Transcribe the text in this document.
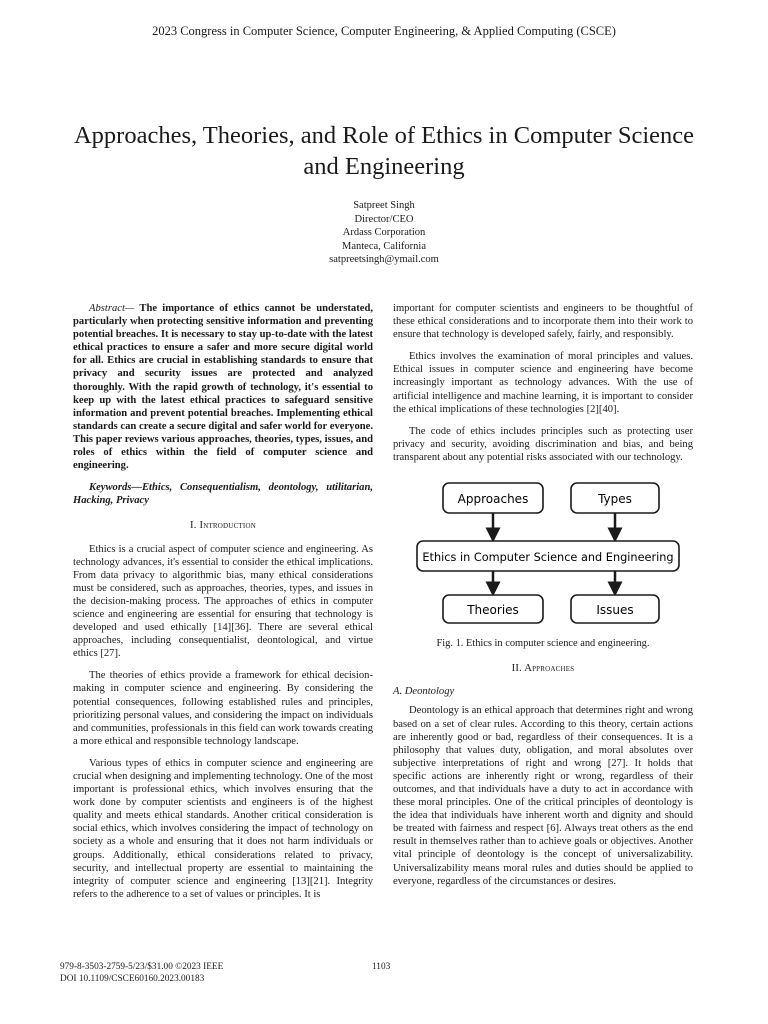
2023 Congress in Computer Science, Computer Engineering, & Applied Computing (CSCE)
Approaches, Theories, and Role of Ethics in Computer Science and Engineering
Satpreet Singh
Director/CEO
Ardass Corporation
Manteca, California
satpreetsingh@ymail.com

Abstract— The importance of ethics cannot be understated, particularly when protecting sensitive information and preventing potential breaches. It is necessary to stay up-to-date with the latest ethical practices to ensure a safer and more secure digital world for all. Ethics are crucial in establishing standards to ensure that privacy and security issues are protected and analyzed thoroughly. With the rapid growth of technology, it's essential to keep up with the latest ethical practices to safeguard sensitive information and prevent potential breaches. Implementing ethical standards can create a secure digital and safer world for everyone. This paper reviews various approaches, theories, types, issues, and roles of ethics within the field of computer science and engineering.

Keywords—Ethics, Consequentialism, deontology, utilitarian, Hacking, Privacy

I. Introduction

Ethics is a crucial aspect of computer science and engineering. As technology advances, it's essential to consider the ethical implications. From data privacy to algorithmic bias, many ethical considerations must be considered, such as approaches, theories, types, and issues in the decision-making process. The approaches of ethics in computer science and engineering are essential for ensuring that technology is developed and used ethically [14][36]. There are several ethical approaches, including consequentialist, deontological, and virtue ethics [27].

The theories of ethics provide a framework for ethical decision-making in computer science and engineering. By considering the potential consequences, following established rules and principles, prioritizing personal values, and considering the impact on individuals and communities, professionals in this field can work towards creating a more ethical and responsible technology landscape.

Various types of ethics in computer science and engineering are crucial when designing and implementing technology. One of the most important is professional ethics, which involves ensuring that the work done by computer scientists and engineers is of the highest quality and meets ethical standards. Another critical consideration is social ethics, which involves considering the impact of technology on society as a whole and ensuring that it does not harm individuals or groups. Additionally, ethical considerations related to privacy, security, and intellectual property are essential to maintaining the integrity of computer science and engineering [13][21]. Integrity refers to the adherence to a set of values or principles. It is

important for computer scientists and engineers to be thoughtful of these ethical considerations and to incorporate them into their work to ensure that technology is developed safely, fairly, and responsibly.

Ethics involves the examination of moral principles and values. Ethical issues in computer science and engineering have become increasingly important as technology advances. With the use of artificial intelligence and machine learning, it is important to consider the ethical implications of these technologies [2][40].

The code of ethics includes principles such as protecting user privacy and security, avoiding discrimination and bias, and being transparent about any potential risks associated with our technology.

Approaches	Types
Ethics in Computer Science and Engineering
Theories	Issues
Fig. 1. Ethics in computer science and engineering.
II. Approaches
A. Deontology

Deontology is an ethical approach that determines right and wrong based on a set of clear rules. According to this theory, certain actions are inherently good or bad, regardless of their consequences. It is a philosophy that values duty, obligation, and moral absolutes over subjective interpretations of right and wrong [27]. It holds that specific actions are inherently right or wrong, regardless of their outcomes, and that individuals have a duty to act in accordance with these moral principles. One of the critical principles of deontology is the idea that individuals have inherent worth and dignity and should be treated with fairness and respect [6]. Always treat others as the end result in themselves rather than to achieve goals or objectives. Another vital principle of deontology is the concept of universalizability. Universalizability means moral rules and duties should be applied to everyone, regardless of the circumstances or desires.

979-8-3503-2759-5/23/$31.00 ©2023 IEEE
DOI 10.1109/CSCE60160.2023.00183
1103
